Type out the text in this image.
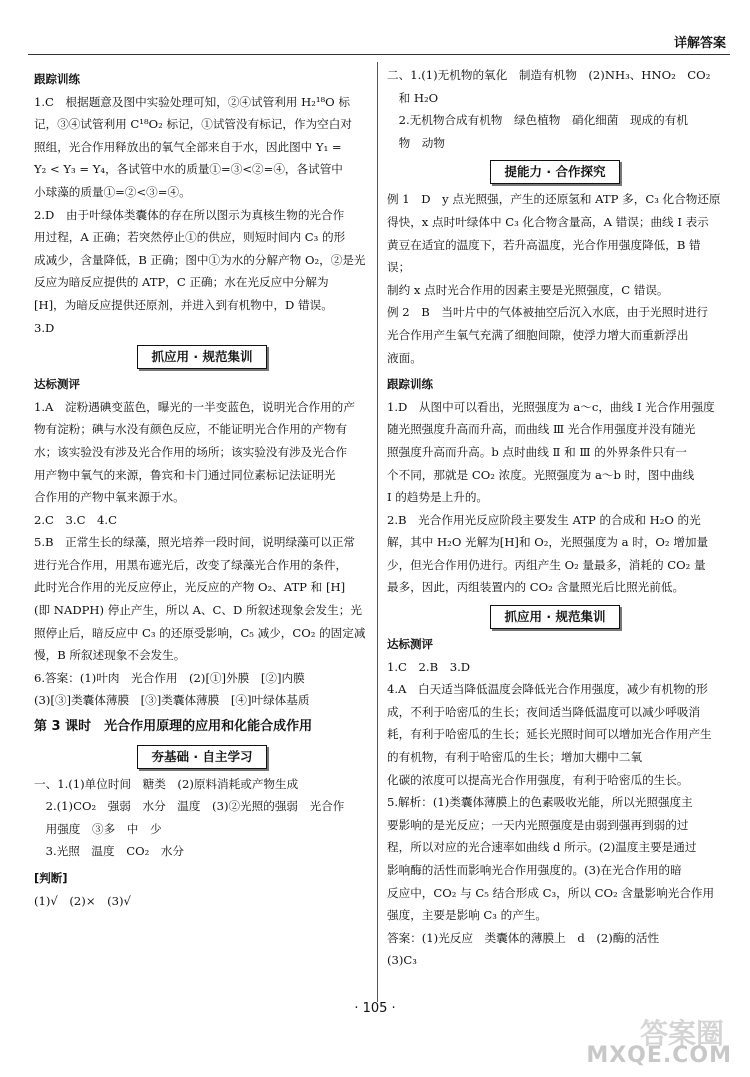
详解答案
跟踪训练
1.C　根据题意及图中实验处理可知，②④试管利用 H₂¹⁸O 标
记，③④试管利用 C¹⁸O₂ 标记，①试管没有标记，作为空白对
照组，光合作用释放出的氧气全部来自于水，因此图中 Y₁ =
Y₂ < Y₃ = Y₄，各试管中水的质量①=③<②=④，各试管中
小球藻的质量①=②<③=④。
2.D　由于叶绿体类囊体的存在所以图示为真核生物的光合作
用过程，A 正确；若突然停止①的供应，则短时间内 C₃ 的形
成减少，含量降低，B 正确；图中①为水的分解产物 O₂，②是光
反应为暗反应提供的 ATP，C 正确；水在光反应中分解为
[H]，为暗反应提供还原剂，并进入到有机物中，D 错误。
3.D
抓应用 · 规范集训
达标测评
1.A　淀粉遇碘变蓝色，曝光的一半变蓝色，说明光合作用的产
物有淀粉；碘与水没有颜色反应，不能证明光合作用的产物有
水；该实验没有涉及光合作用的场所；该实验没有涉及光合作
用产物中氧气的来源，鲁宾和卡门通过同位素标记法证明光
合作用的产物中氧来源于水。
2.C　3.C　4.C
5.B　正常生长的绿藻，照光培养一段时间，说明绿藻可以正常
进行光合作用，用黑布遮光后，改变了绿藻光合作用的条件，
此时光合作用的光反应停止，光反应的产物 O₂、ATP 和 [H]
(即 NADPH) 停止产生，所以 A、C、D 所叙述现象会发生；光
照停止后，暗反应中 C₃ 的还原受影响，C₅ 减少，CO₂ 的固定减
慢，B 所叙述现象不会发生。
6.答案：(1)叶肉　光合作用　(2)[①]外膜　[②]内膜
(3)[③]类囊体薄膜　[③]类囊体薄膜　[④]叶绿体基质
第 3 课时　光合作用原理的应用和化能合成作用
夯基础 · 自主学习
一、1.(1)单位时间　糖类　(2)原料消耗或产物生成
　2.(1)CO₂　强弱　水分　温度　(3)②光照的强弱　光合作
　用强度　③多　中　少
　3.光照　温度　CO₂　水分
[判断]
(1)√　(2)×　(3)√
二、1.(1)无机物的氧化　制造有机物　(2)NH₃、HNO₂　CO₂
　和 H₂O
　2.无机物合成有机物　绿色植物　硝化细菌　现成的有机
　物　动物
提能力 · 合作探究
例 1　D　y 点光照强，产生的还原氢和 ATP 多，C₃ 化合物还原
得快，x 点时叶绿体中 C₃ 化合物含量高，A 错误；曲线 Ⅰ 表示
黄豆在适宜的温度下，若升高温度，光合作用强度降低，B 错误；
制约 x 点时光合作用的因素主要是光照强度，C 错误。
例 2　B　当叶片中的气体被抽空后沉入水底，由于光照时进行
光合作用产生氧气充满了细胞间隙，使浮力增大而重新浮出
液面。
跟踪训练
1.D　从图中可以看出，光照强度为 a～c，曲线 Ⅰ 光合作用强度
随光照强度升高而升高，而曲线 Ⅲ 光合作用强度并没有随光
照强度升高而升高。b 点时曲线 Ⅱ 和 Ⅲ 的外界条件只有一
个不同，那就是 CO₂ 浓度。光照强度为 a～b 时，图中曲线
Ⅰ 的趋势是上升的。
2.B　光合作用光反应阶段主要发生 ATP 的合成和 H₂O 的光
解，其中 H₂O 光解为[H]和 O₂，光照强度为 a 时，O₂ 增加量
少，但光合作用仍进行。丙组产生 O₂ 量最多，消耗的 CO₂ 量
最多，因此，丙组装置内的 CO₂ 含量照光后比照光前低。
抓应用 · 规范集训
达标测评
1.C　2.B　3.D
4.A　白天适当降低温度会降低光合作用强度，减少有机物的形
成，不利于哈密瓜的生长；夜间适当降低温度可以减少呼吸消
耗，有利于哈密瓜的生长；延长光照时间可以增加光合作用产生
的有机物，有利于哈密瓜的生长；增加大棚中二氧
化碳的浓度可以提高光合作用强度，有利于哈密瓜的生长。
5.解析：(1)类囊体薄膜上的色素吸收光能，所以光照强度主
要影响的是光反应；一天内光照强度是由弱到强再到弱的过
程，所以对应的光合速率如曲线 d 所示。(2)温度主要是通过
影响酶的活性而影响光合作用强度的。(3)在光合作用的暗
反应中，CO₂ 与 C₅ 结合形成 C₃，所以 CO₂ 含量影响光合作用
强度，主要是影响 C₃ 的产生。
答案：(1)光反应　类囊体的薄膜上　d　(2)酶的活性
(3)C₃
· 105 ·
答案圈
MXQE.COM
